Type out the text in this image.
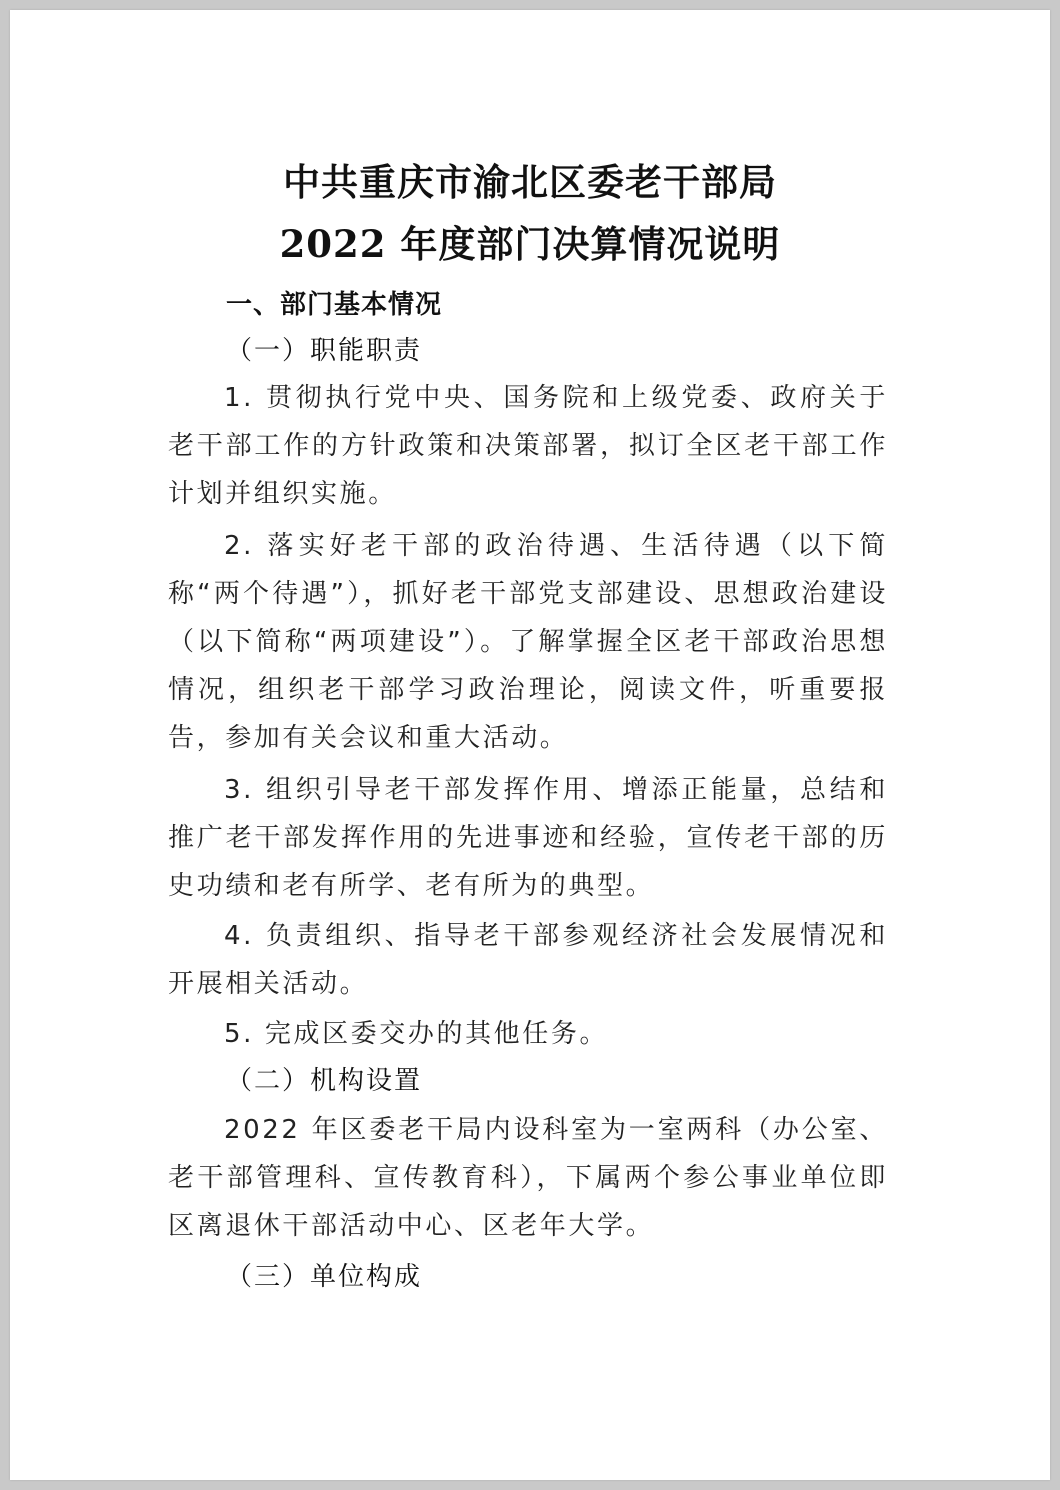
中共重庆市渝北区委老干部局
2022 年度部门决算情况说明
一、部门基本情况
（一）职能职责

1. 贯彻执行党中央、国务院和上级党委、政府关于老干部工作的方针政策和决策部署，拟订全区老干部工作计划并组织实施。

2. 落实好老干部的政治待遇、生活待遇（以下简称“两个待遇”），抓好老干部党支部建设、思想政治建设（以下简称“两项建设”）。了解掌握全区老干部政治思想情况，组织老干部学习政治理论，阅读文件，听重要报告，参加有关会议和重大活动。

3. 组织引导老干部发挥作用、增添正能量，总结和推广老干部发挥作用的先进事迹和经验，宣传老干部的历史功绩和老有所学、老有所为的典型。

4. 负责组织、指导老干部参观经济社会发展情况和开展相关活动。

5. 完成区委交办的其他任务。

（二）机构设置

2022 年区委老干局内设科室为一室两科（办公室、老干部管理科、宣传教育科），下属两个参公事业单位即区离退休干部活动中心、区老年大学。

（三）单位构成
